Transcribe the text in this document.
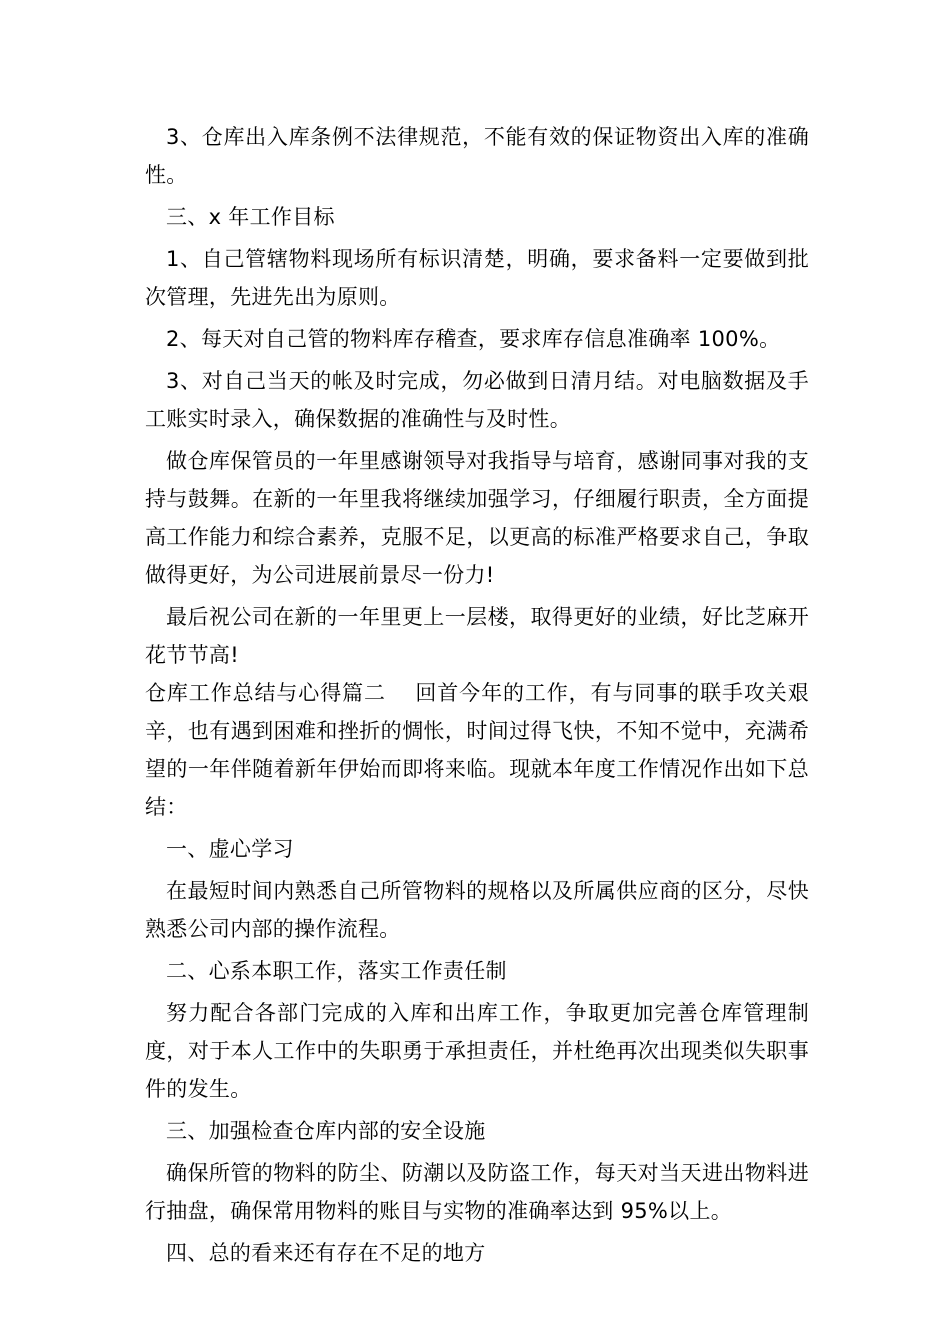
3、仓库出入库条例不法律规范，不能有效的保证物资出入库的准确性。

三、x 年工作目标

1、自己管辖物料现场所有标识清楚，明确，要求备料一定要做到批次管理，先进先出为原则。

2、每天对自己管的物料库存稽查，要求库存信息准确率 100%。

3、对自己当天的帐及时完成，勿必做到日清月结。对电脑数据及手工账实时录入，确保数据的准确性与及时性。

做仓库保管员的一年里感谢领导对我指导与培育，感谢同事对我的支持与鼓舞。在新的一年里我将继续加强学习，仔细履行职责，全方面提高工作能力和综合素养，克服不足，以更高的标准严格要求自己，争取做得更好，为公司进展前景尽一份力!

最后祝公司在新的一年里更上一层楼，取得更好的业绩，好比芝麻开花节节高!

仓库工作总结与心得篇二　 回首今年的工作，有与同事的联手攻关艰辛，也有遇到困难和挫折的惆怅，时间过得飞快，不知不觉中，充满希望的一年伴随着新年伊始而即将来临。现就本年度工作情况作出如下总结：

一、虚心学习

在最短时间内熟悉自己所管物料的规格以及所属供应商的区分，尽快熟悉公司内部的操作流程。

二、心系本职工作，落实工作责任制

努力配合各部门完成的入库和出库工作，争取更加完善仓库管理制度，对于本人工作中的失职勇于承担责任，并杜绝再次出现类似失职事件的发生。

三、加强检查仓库内部的安全设施

确保所管的物料的防尘、防潮以及防盗工作，每天对当天进出物料进行抽盘，确保常用物料的账目与实物的准确率达到 95%以上。

四、总的看来还有存在不足的地方
